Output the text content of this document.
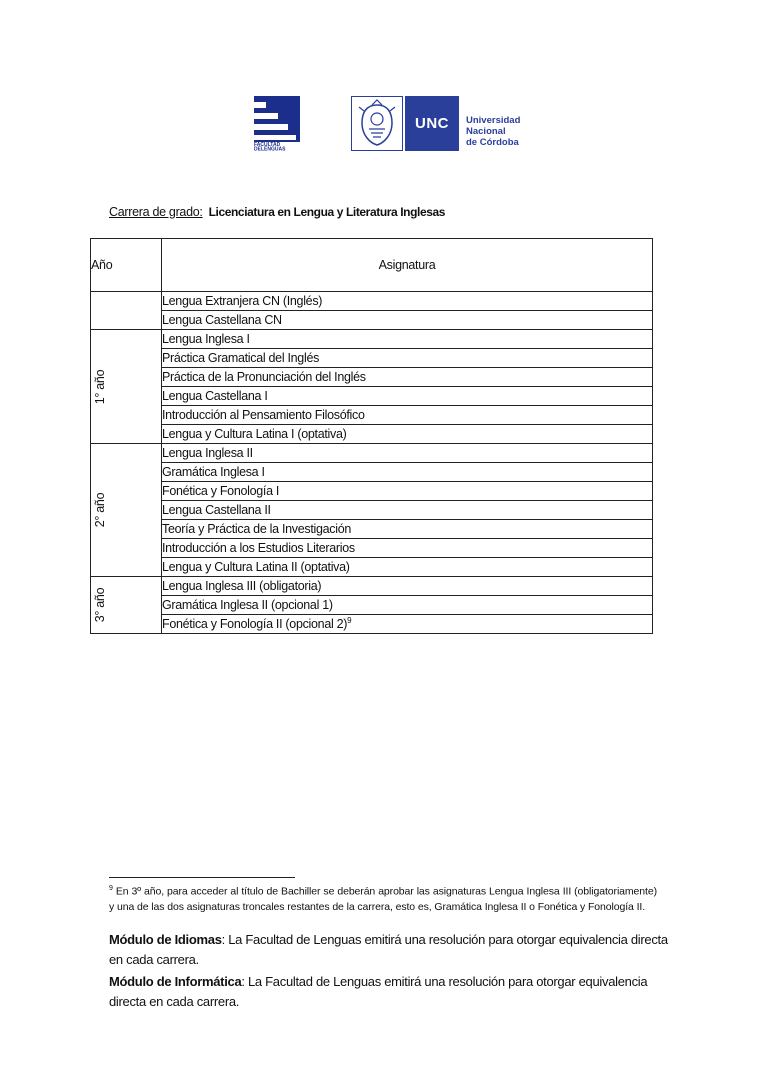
FACULTAD
DE LENGUAS
UNC	Universidad
Nacional
de Córdoba
Carrera de grado: Licenciatura en Lengua y Literatura Inglesas
Año	Asignatura
	Lengua Extranjera CN (Inglés)
	Lengua Castellana CN

1° año	Lengua Inglesa I
	Práctica Gramatical del Inglés
	Práctica de la Pronunciación del Inglés
	Lengua Castellana I
	Introducción al Pensamiento Filosófico
	Lengua y Cultura Latina I (optativa)

2° año	Lengua Inglesa II
	Gramática Inglesa I
	Fonética y Fonología I
	Lengua Castellana II
	Teoría y Práctica de la Investigación
	Introducción a los Estudios Literarios
	Lengua y Cultura Latina II (optativa)

3° año	Lengua Inglesa III (obligatoria)
	Gramática Inglesa II (opcional 1)
	Fonética y Fonología II (opcional 2)$^9$
$^9$ En 3º año, para acceder al título de Bachiller se deberán aprobar las asignaturas Lengua Inglesa III (obligatoriamente) y una de las dos asignaturas troncales restantes de la carrera, esto es, Gramática Inglesa II o Fonética y Fonología II.
Módulo de Idiomas: La Facultad de Lenguas emitirá una resolución para otorgar equivalencia directa en cada carrera.
Módulo de Informática: La Facultad de Lenguas emitirá una resolución para otorgar equivalencia directa en cada carrera.
